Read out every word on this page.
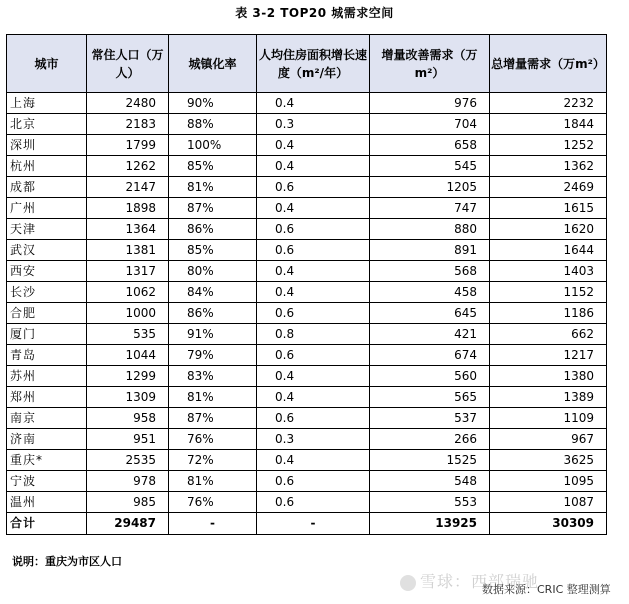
表 3-2 TOP20 城需求空间
城市	常住人口（万人）	城镇化率	人均住房面积增长速度（m²/年）	增量改善需求（万m²）	总增量需求（万m²）
上海	2480	90%	0.4	976	2232
北京	2183	88%	0.3	704	1844
深圳	1799	100%	0.4	658	1252
杭州	1262	85%	0.4	545	1362
成都	2147	81%	0.6	1205	2469
广州	1898	87%	0.4	747	1615
天津	1364	86%	0.6	880	1620
武汉	1381	85%	0.6	891	1644
西安	1317	80%	0.4	568	1403
长沙	1062	84%	0.4	458	1152
合肥	1000	86%	0.6	645	1186
厦门	535	91%	0.8	421	662
青岛	1044	79%	0.6	674	1217
苏州	1299	83%	0.4	560	1380
郑州	1309	81%	0.4	565	1389
南京	958	87%	0.6	537	1109
济南	951	76%	0.3	266	967
重庆*	2535	72%	0.4	1525	3625
宁波	978	81%	0.6	548	1095
温州	985	76%	0.6	553	1087
合计	29487	-	-	13925	30309
说明：重庆为市区人口
雪球：西部瑞驰
数据来源：CRIC 整理测算
